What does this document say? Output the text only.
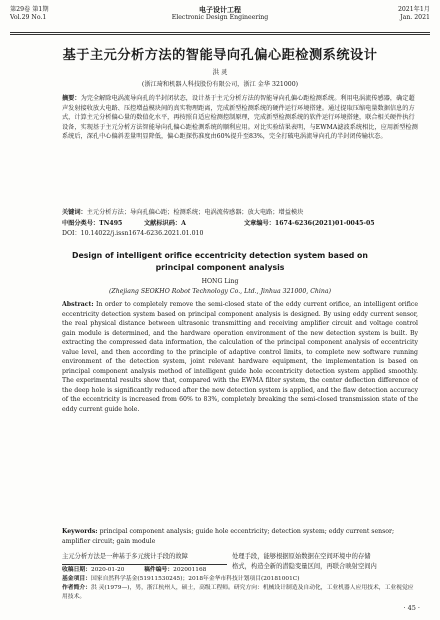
第29卷 第1期
Vol.29 No.1
电子设计工程
Electronic Design Engineering
2021年1月
Jan. 2021
基于主元分析方法的智能导向孔偏心距检测系统设计
洪 灵
(浙江琦和机器人科技股份有限公司，浙江 金华 321000)
摘要：为完全解除电涡流导向孔的半封闭状态，设计基于主元分析方法的智能导向孔偏心距检测系统。利用电涡流传感器，确定超声发射接收放大电路、压控增益模块间的真实物理距离，完成新型检测系统的硬件运行环境搭建。通过提取压缩电量数据信息的方式，计算主元分析偏心量的数值化水平，再按照自适应检测控制原理，完成新型检测系统的软件运行环境搭建，联合相关硬件执行设备，实现基于主元分析方法智能导向孔偏心距检测系统的顺利应用。对比实验结果表明，与EWMA滤波系统相比，应用新型检测系统后，深孔中心偏斜差量明显降低，偏心距探伤准度由60%提升至83%，完全打破电涡流导向孔的半封闭传输状态。
关键词：主元分析方法；导向孔偏心距；检测系统；电涡流传感器；放大电路；增益模块
中图分类号：TN495	文献标识码：A	文章编号：1674-6236(2021)01-0045-05
DOI：10.14022/j.issn1674-6236.2021.01.010
Design of intelligent orifice eccentricity detection system based on principal component analysis
HONG Ling
(Zhejiang SEOKHO Robot Technology Co., Ltd., Jinhua 321000, China)
Abstract: In order to completely remove the semi-closed state of the eddy current orifice, an intelligent orifice eccentricity detection system based on principal component analysis is designed. By using eddy current sensor, the real physical distance between ultrasonic transmitting and receiving amplifier circuit and voltage control gain module is determined, and the hardware operation environment of the new detection system is built. By extracting the compressed data information, the calculation of the principal component analysis of eccentricity value level, and then according to the principle of adaptive control limits, to complete new software running environment of the detection system, joint relevant hardware equipment, the implementation is based on principal component analysis method of intelligent guide hole eccentricity detection system applied smoothly. The experimental results show that, compared with the EWMA filter system, the center deflection difference of the deep hole is significantly reduced after the new detection system is applied, and the flaw detection accuracy of the eccentricity is increased from 60% to 83%, completely breaking the semi-closed transmission state of the eddy current guide hole.
Keywords: principal component analysis; guide hole eccentricity; detection system; eddy current sensor; amplifier circuit; gain module
主元分析方法是一种基于多元统计手段的故障	处理手段，能够根据原始数据在空间环境中的存储
格式，构造全新的潜隐变量区间，再联合映射空间内
收稿日期：2020-01-20	稿件编号：202001168
基金项目：国家自然科学基金(51911530245)；2018年金华市科技计划项目(20181001C)
作者简介：洪 灵(1979—)，男，浙江杭州人，硕士，高级工程师。研究方向：机械设计制造及自动化，工业机器人应用技术，工业视觉应用技术。
· 45 ·
